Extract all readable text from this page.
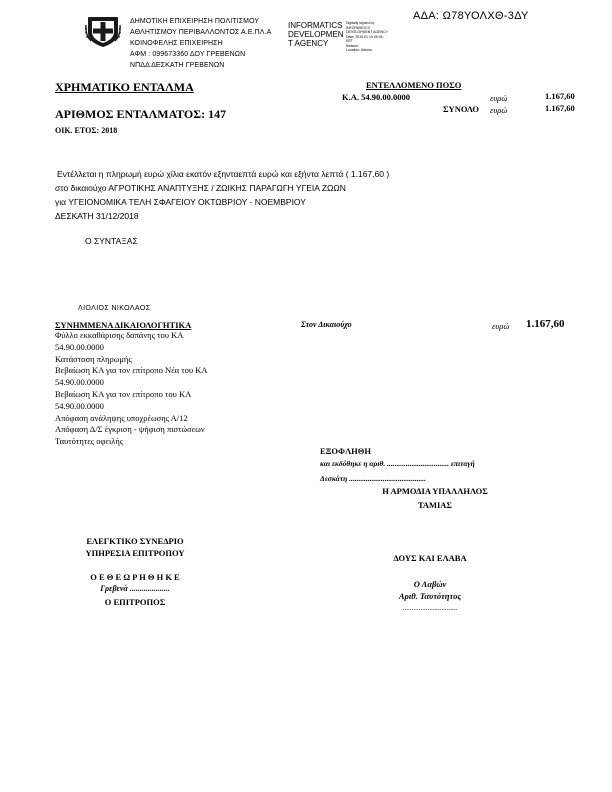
ΑΔΑ: Ω78ΥΟΛΧΘ-3ΔΥ
ΔΗΜΟΤΙΚΗ ΕΠΙΧΕΙΡΗΣΗ ΠΟΛΙΤΙΣΜΟΥ
ΑΘΛΗΤΙΣΜΟΥ ΠΕΡΙΒΑΛΛΟΝΤΟΣ Α.Ε.ΠΛ.Α
ΚΟΙΝΟΦΕΛΗΣ ΕΠΙΧΕΙΡΗΣΗ
ΑΦΜ : 099673360 ΔΟΥ ΓΡΕΒΕΝΩΝ
ΝΠΔΔ ΔΕΣΚΑΤΗ ΓΡΕΒΕΝΩΝ
INFORMATICS
DEVELOPMEN
T AGENCY
Digitally signed by
INFORMATICS
DEVELOPMENT AGENCY
Date: 2019.01.10 09:34:
EET
Reason:
Location: Athens
ΧΡΗΜΑΤΙΚΟ ΕΝΤΑΛΜΑ
ΑΡΙΘΜΟΣ ΕΝΤΑΛΜΑΤΟΣ: 147
ΟΙΚ. ΕΤΟΣ: 2018
ΕΝΤΕΛΛΟΜΕΝΟ ΠΟΣΟ
Κ.Α. 54.90.00.0000	ευρώ	1.167,60
ΣΥΝΟΛΟ ευρώ	1.167,60
Εντέλλεται η πληρωμή ευρώ χίλια εκατόν εξηνταεπτά ευρώ και εξήντα λεπτά ( 1.167,60 )
στο δικαιούχο ΑΓΡΟΤΙΚΗΣ ΑΝΑΠΤΥΞΗΣ / ΖΩΙΚΗΣ ΠΑΡΑΓΩΓΗ ΥΓΕΙΑ ΖΩΩΝ
για ΥΓΕΙΟΝΟΜΙΚΑ ΤΕΛΗ ΣΦΑΓΕΙΟΥ ΟΚΤΩΒΡΙΟΥ - ΝΟΕΜΒΡΙΟΥ
ΔΕΣΚΑΤΗ 31/12/2018
Ο ΣΥΝΤΑΞΑΣ
ΛΙΟΛΙΟΣ ΝΙΚΟΛΑΟΣ
ΣΥΝΗΜΜΕΝΑ ΔΙΚΑΙΟΛΟΓΗΤΙΚΑ	Στον Δικαιούχο	ευρώ 1.167,60
Φύλλο εκκαθάρισης δαπάνης του ΚΑ
54.90.00.0000
Κατάσταση πληρωμής
Βεβαίωση ΚΑ για τον επίτροπο Νέα του ΚΑ
54.90.00.0000
Βεβαίωση ΚΑ για τον επίτροπο του ΚΑ
54.90.00.0000
Απόφαση ανάληψης υποχρέωσης Α/12
Απόφαση Δ/Σ έγκριση - ψήφιση πιστώσεων
Ταυτότητες οφειλής
ΕΞΟΦΛΗΘΗ
και εκδόθηκε η αριθ. ................................. επιταγή
Δεσκάτη .........................................
Η ΑΡΜΟΔΙΑ ΥΠΑΛΛΗΛΟΣ
ΤΑΜΙΑΣ
ΕΛΕΓΚΤΙΚΟ ΣΥΝΕΔΡΙΟ
ΥΠΗΡΕΣΙΑ ΕΠΙΤΡΟΠΟΥ
Ο Ε Θ Ε Ω Ρ Η Θ Η Κ Ε
Γρεβενά ....................
Ο ΕΠΙΤΡΟΠΟΣ
ΔΟΥΣ ΚΑΙ ΕΛΑΒΑ
Ο Λαβών
Αριθ. Ταυτότητος
...............................
